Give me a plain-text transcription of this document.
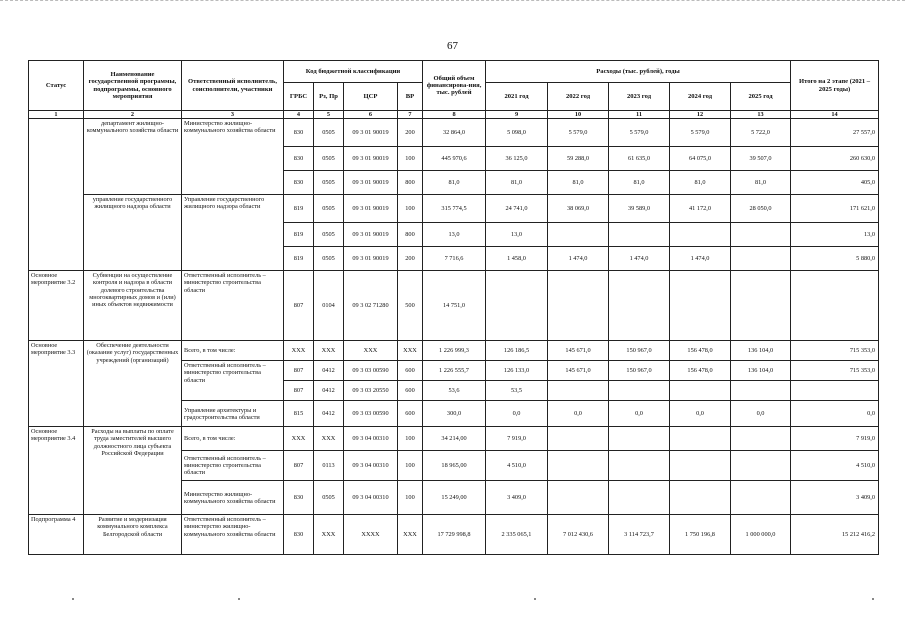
67
Статус	Наименование государственной программы, подпрограммы, основного мероприятия	Ответственный исполнитель, соисполнители, участники	Код бюджетной классификации				Общий объем финансирова-ния, тыс. рублей	Расходы (тыс. рублей), годы					Итого на 2 этапе (2021 – 2025 годы)
			ГРБС	Рз, Пр	ЦСР	ВР		2021 год	2022 год	2023 год	2024 год	2025 год	
1	2	3	4	5	6	7	8	9	10	11	12	13	14
	департамент жилищно-коммунального хозяйства области	Министерство жилищно-коммунального хозяйства области	830	0505	09 3 01 90019	200	32 864,0	5 098,0	5 579,0	5 579,0	5 579,0	5 722,0	27 557,0
			830	0505	09 3 01 90019	100	445 970,6	36 125,0	59 288,0	61 635,0	64 075,0	39 507,0	260 630,0
			830	0505	09 3 01 90019	800	81,0	81,0	81,0	81,0	81,0	81,0	405,0
	управление государственного жилищного надзора области	Управление государственного жилищного надзора области	819	0505	09 3 01 90019	100	315 774,5	24 741,0	38 069,0	39 589,0	41 172,0	28 050,0	171 621,0
			819	0505	09 3 01 90019	800	13,0	13,0					13,0
			819	0505	09 3 01 90019	200	7 716,6	1 458,0	1 474,0	1 474,0	1 474,0		5 880,0
Основное мероприятие 3.2	Субвенции на осуществление контроля и надзора в области долевого строительства многоквартирных домов и (или) иных объектов недвижимости	Ответственный исполнитель – министерство строительства области	807	0104	09 3 02 71280	500	14 751,0						
Основное мероприятие 3.3	Обеспечение деятельности (оказание услуг) государственных учреждений (организаций)	Всего, в том числе:	XXX	XXX	XXX	XXX	1 226 999,3	126 186,5	145 671,0	150 967,0	156 478,0	136 104,0	715 353,0
		Ответственный исполнитель – министерство строительства области	807	0412	09 3 03 00590	600	1 226 555,7	126 133,0	145 671,0	150 967,0	156 478,0	136 104,0	715 353,0
			807	0412	09 3 03 20550	600	53,6	53,5					
		Управление архитектуры и градостроительства области	815	0412	09 3 03 00590	600	300,0	0,0	0,0	0,0	0,0	0,0	0,0
Основное мероприятие 3.4	Расходы на выплаты по оплате труда заместителей высшего должностного лица субъекта Российской Федерации	Всего, в том числе:	XXX	XXX	09 3 04 00310	100	34 214,00	7 919,0					7 919,0
		Ответственный исполнитель – министерство строительства области	807	0113	09 3 04 00310	100	18 965,00	4 510,0					4 510,0
		Министерство жилищно-коммунального хозяйства области	830	0505	09 3 04 00310	100	15 249,00	3 409,0					3 409,0
Подпрограмма 4	Развитие и модернизация коммунального комплекса Белгородской области	Ответственный исполнитель – министерство жилищно-коммунального хозяйства области	830	XXX	XXXX	XXX	17 729 998,8	2 335 065,1	7 012 430,6	3 114 723,7	1 750 196,8	1 000 000,0	15 212 416,2
